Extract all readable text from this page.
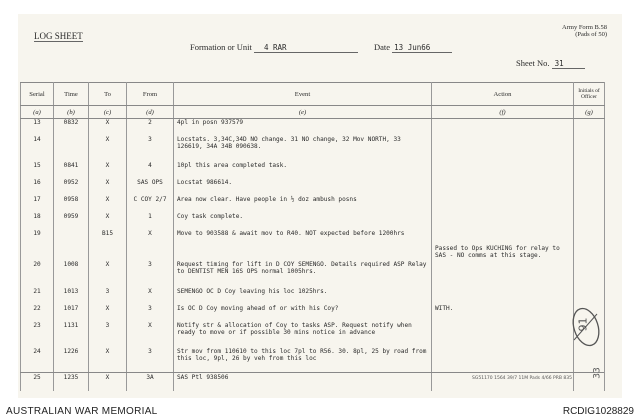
LOG SHEET
Army Form B.58
(Pads of 50)
Formation or Unit 4 RAR	Date 13 Jun66
Sheet No. 31
Serial	Time	To	From	Event	Action	Initials of Officer
(a)	(b)	(c)	(d)	(e)	(f)	(g)
13	0832	X	2	4pl in posn 937579		
14		X	3	Locstats. 3,34C,34D NO change. 31 NO change, 32 Mov NORTH, 33 126619, 34A 34B 090638.		
15	0841	X	4	10pl this area completed task.		
16	0952	X	SAS OPS	Locstat 986614.		
17	0958	X	C COY 2/7	Area now clear. Have people in ½ doz ambush posns		
18	0959	X	1	Coy task complete.		
19		B15	X	Move to 903588 & await mov to R40. NOT expected before 1200hrs	Passed to Ops KUCHING for relay to SAS - NO comms at this stage.	
20	1008	X	3	Request timing for lift in D COY SEMENGO. Details required ASP Relay to DENTIST MEN 16S OPS normal 1005hrs.		
21	1013	3	X	SEMENGO OC D Coy leaving his loc 1025hrs.		
22	1017	X	3	Is OC D Coy moving ahead of or with his Coy?	WITH.	
23	1131	3	X	Notify str & allocation of Coy to tasks ASP. Request notify when ready to move or if possible 30 mins notice in advance		
24	1226	X	3	Str mov from 110610 to this loc 7pl to R56. 30. 8pl, 25 by road from this loc, 9pl, 26 by veh from this loc		
25	1235	X	3A	SAS Ptl 938506			SG51170 1564 39/7 11M Pads 4/66 PRB 835
91
33
AUSTRALIAN WAR MEMORIAL	RCDIG1028829
